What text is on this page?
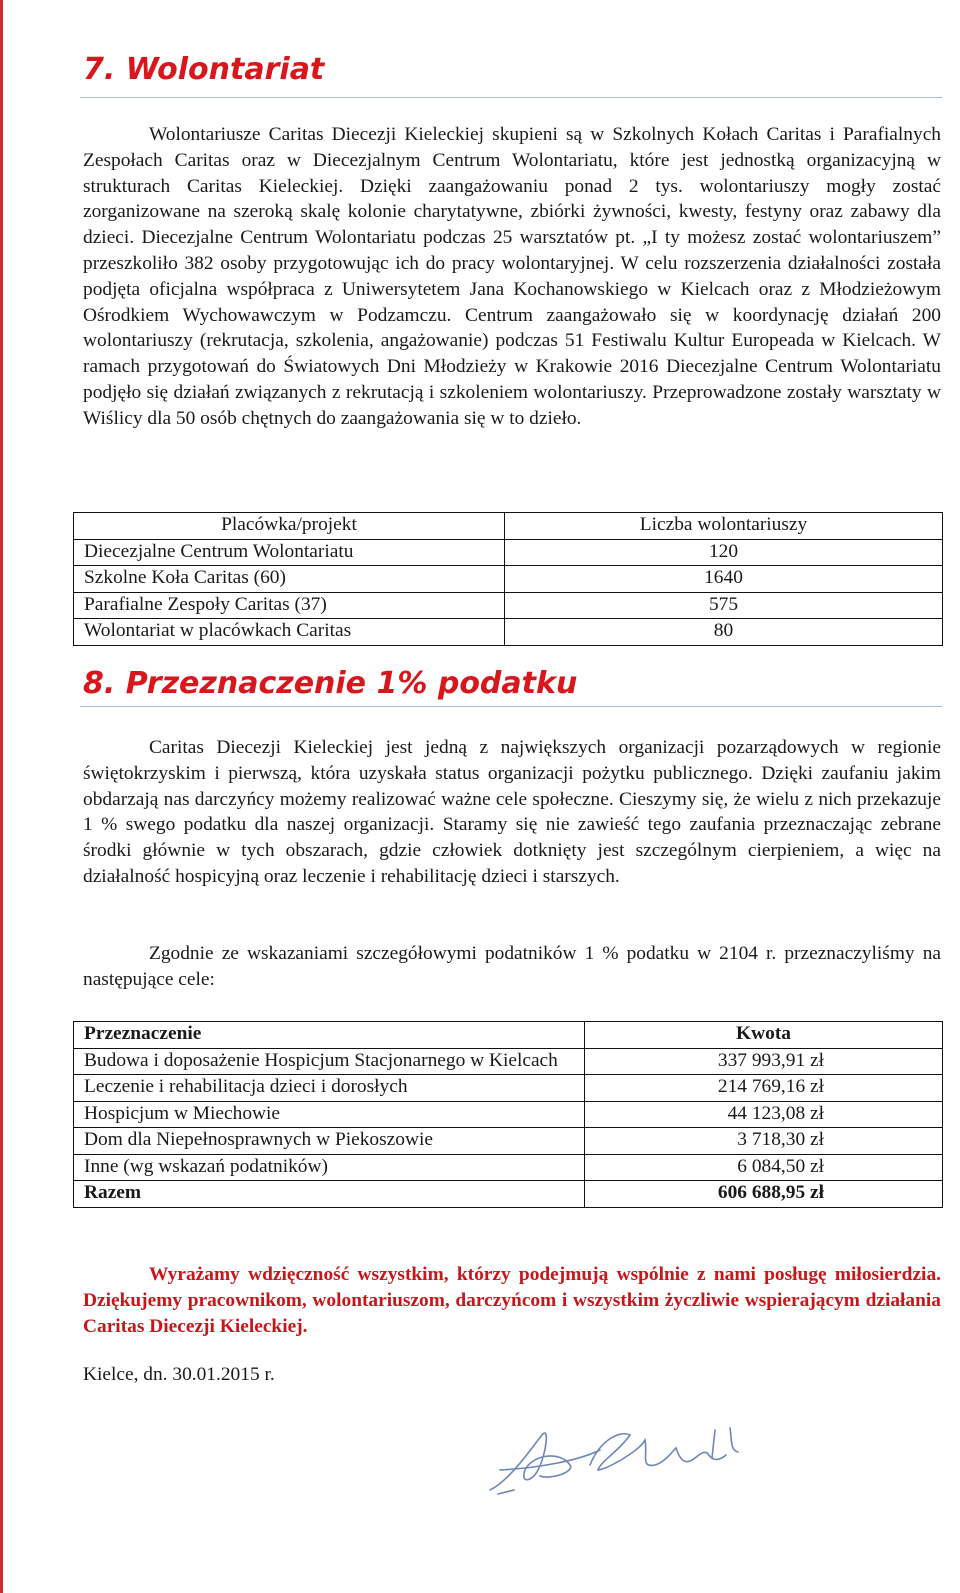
7. Wolontariat

Wolontariusze Caritas Diecezji Kieleckiej skupieni są w Szkolnych Kołach Caritas i Parafialnych Zespołach Caritas oraz w Diecezjalnym Centrum Wolontariatu, które jest jednostką organizacyjną w strukturach Caritas Kieleckiej. Dzięki zaangażowaniu ponad 2 tys. wolontariuszy mogły zostać zorganizowane na szeroką skalę kolonie charytatywne, zbiórki żywności, kwesty, festyny oraz zabawy dla dzieci. Diecezjalne Centrum Wolontariatu podczas 25 warsztatów pt. „I ty możesz zostać wolontariuszem” przeszkoliło 382 osoby przygotowując ich do pracy wolontaryjnej. W celu rozszerzenia działalności została podjęta oficjalna współpraca z Uniwersytetem Jana Kochanowskiego w Kielcach oraz z Młodzieżowym Ośrodkiem Wychowawczym w Podzamczu. Centrum zaangażowało się w koordynację działań 200 wolontariuszy (rekrutacja, szkolenia, angażowanie) podczas 51 Festiwalu Kultur Europeada w Kielcach. W ramach przygotowań do Światowych Dni Młodzieży w Krakowie 2016 Diecezjalne Centrum Wolontariatu podjęło się działań związanych z rekrutacją i szkoleniem wolontariuszy. Przeprowadzone zostały warsztaty w Wiślicy dla 50 osób chętnych do zaangażowania się w to dzieło.

Placówka/projekt	Liczba wolontariuszy
Diecezjalne Centrum Wolontariatu	120
Szkolne Koła Caritas (60)	1640
Parafialne Zespoły Caritas (37)	575
Wolontariat w placówkach Caritas	80
8. Przeznaczenie 1% podatku

Caritas Diecezji Kieleckiej jest jedną z największych organizacji pozarządowych w regionie świętokrzyskim i pierwszą, która uzyskała status organizacji pożytku publicznego. Dzięki zaufaniu jakim obdarzają nas darczyńcy możemy realizować ważne cele społeczne. Cieszymy się, że wielu z nich przekazuje 1 % swego podatku dla naszej organizacji. Staramy się nie zawieść tego zaufania przeznaczając zebrane środki głównie w tych obszarach, gdzie człowiek dotknięty jest szczególnym cierpieniem, a więc na działalność hospicyjną oraz leczenie i rehabilitację dzieci i starszych.

Zgodnie ze wskazaniami szczegółowymi podatników 1 % podatku w 2104 r. przeznaczyliśmy na następujące cele:

Przeznaczenie	Kwota
Budowa i doposażenie Hospicjum Stacjonarnego w Kielcach	337 993,91 zł
Leczenie i rehabilitacja dzieci i dorosłych	214 769,16 zł
Hospicjum w Miechowie	44 123,08 zł
Dom dla Niepełnosprawnych w Piekoszowie	3 718,30 zł
Inne (wg wskazań podatników)	6 084,50 zł
Razem	606 688,95 zł

Wyrażamy wdzięczność wszystkim, którzy podejmują wspólnie z nami posługę miłosierdzia. Dziękujemy pracownikom, wolontariuszom, darczyńcom i wszystkim życzliwie wspierającym działania Caritas Diecezji Kieleckiej.

Kielce, dn. 30.01.2015 r.
